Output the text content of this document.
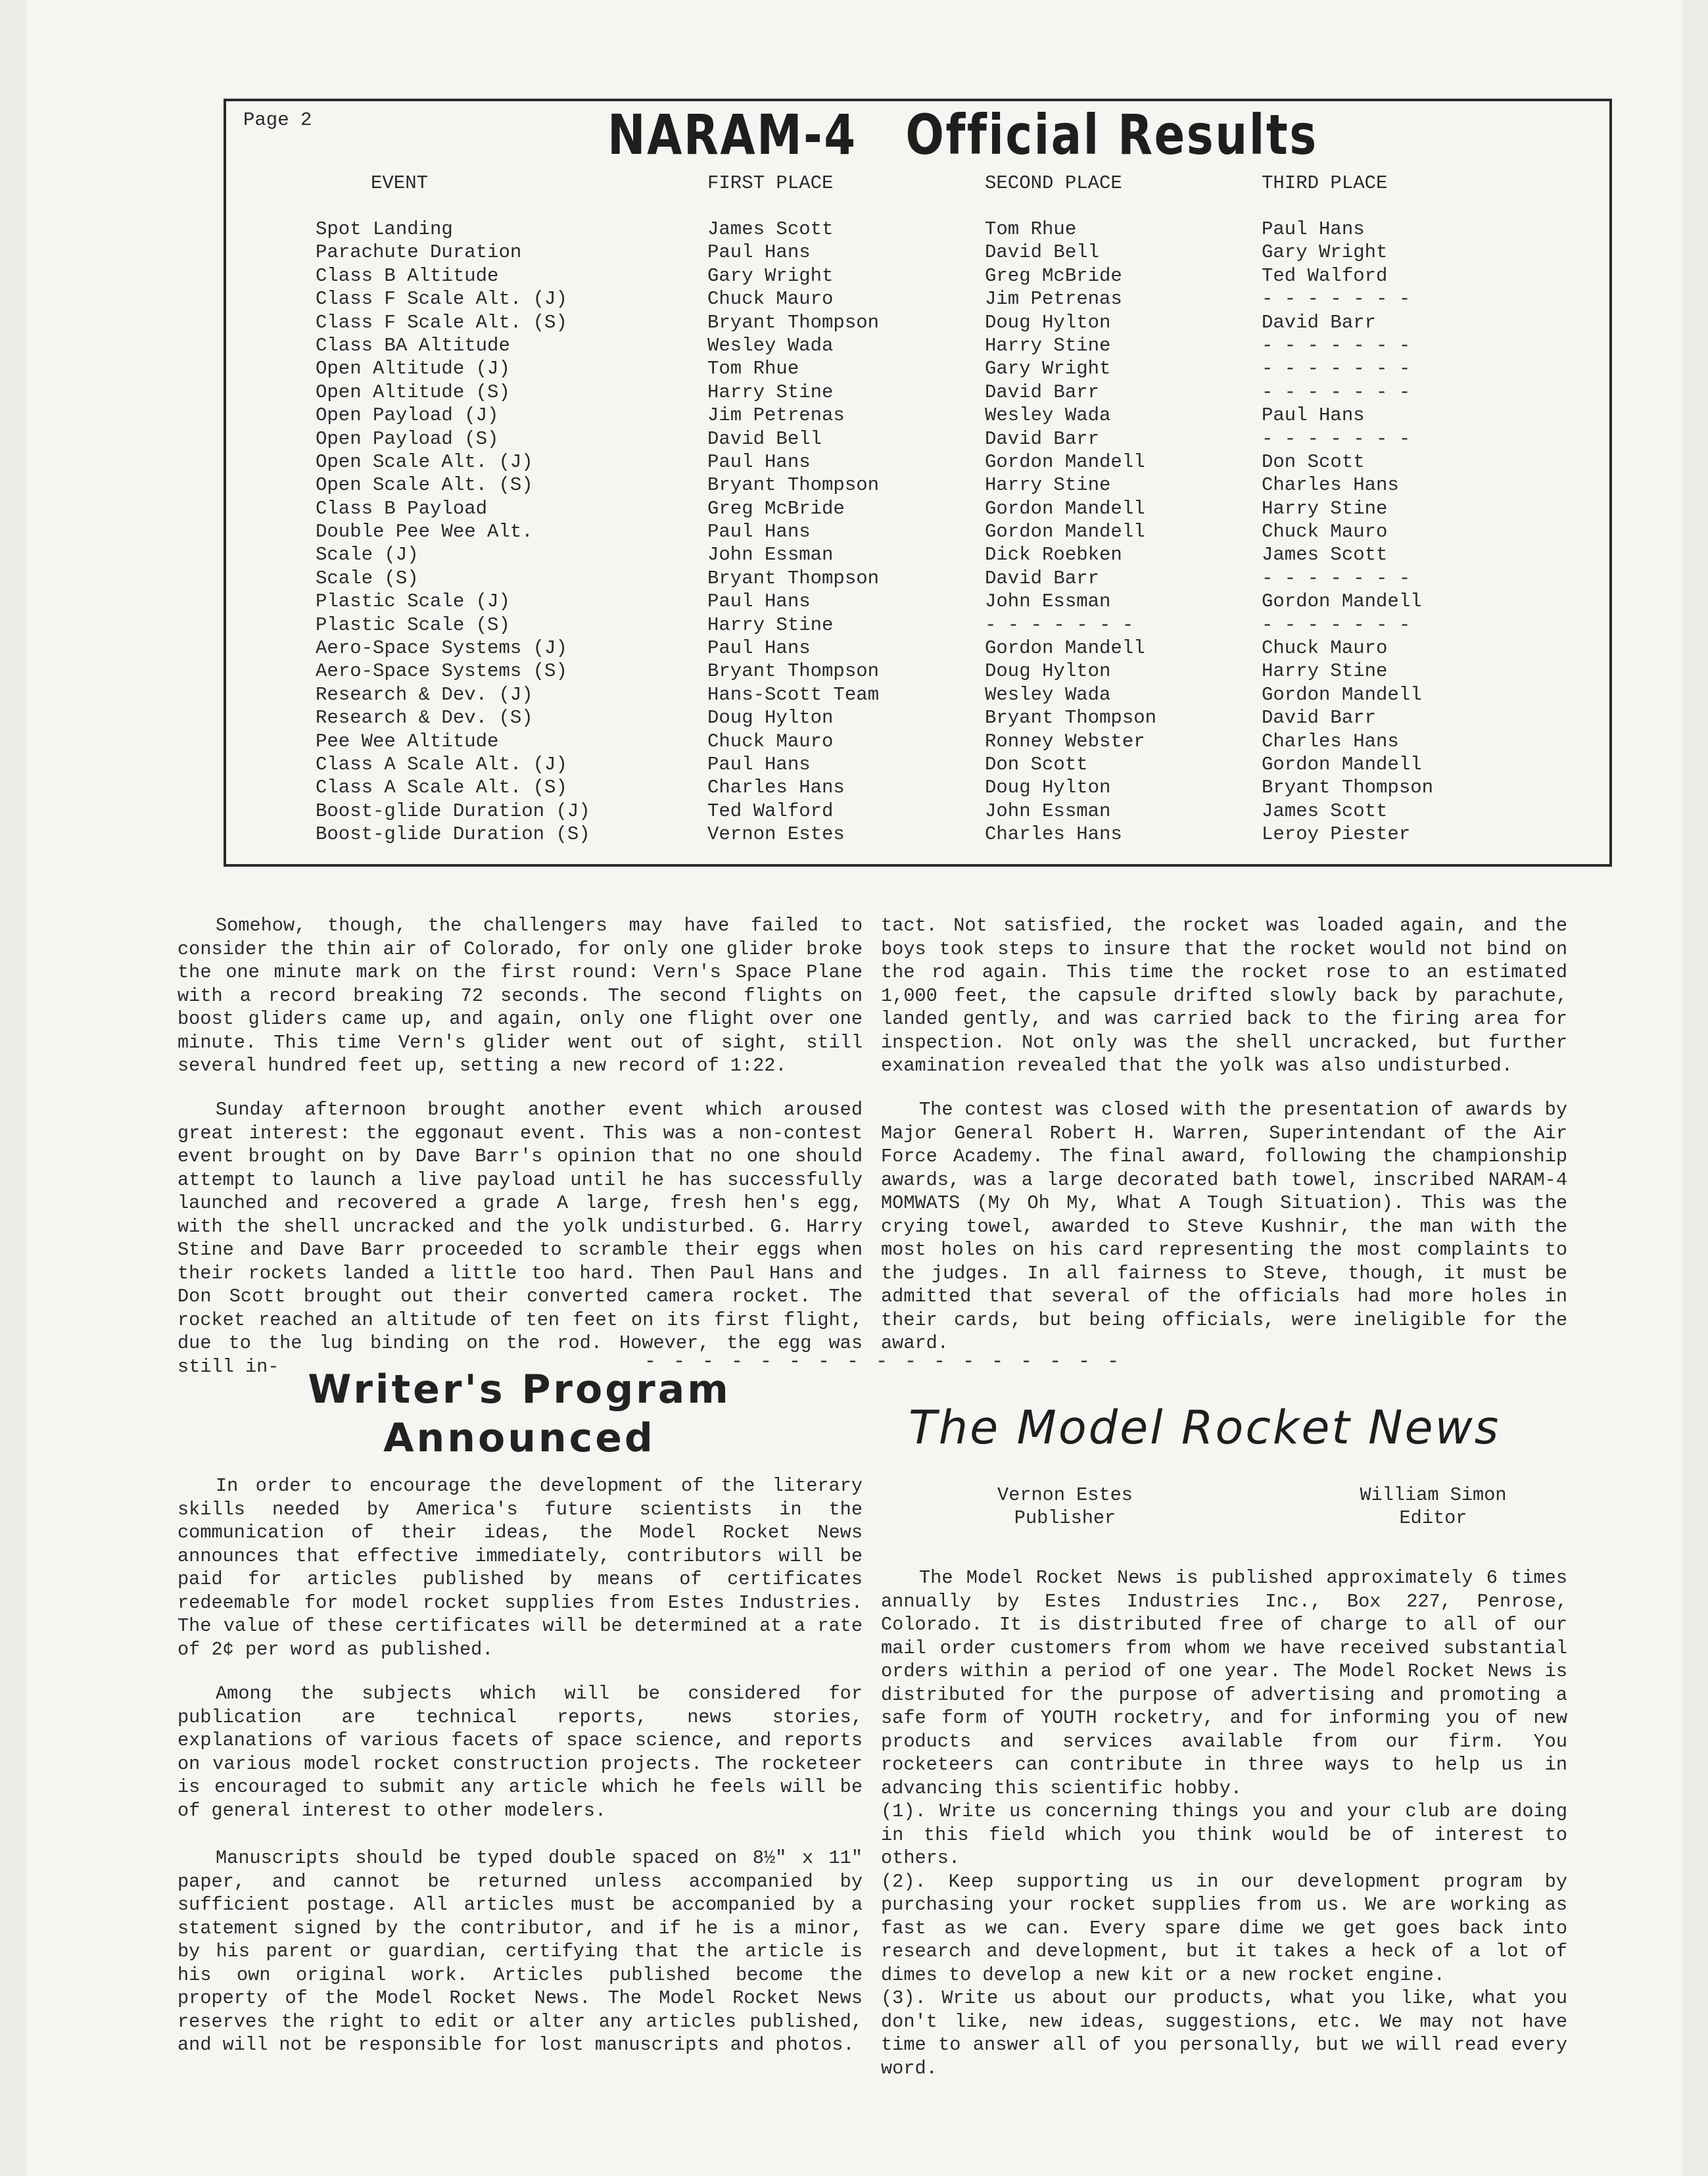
Page 2	NARAM-4 Official Results
EVENT	FIRST PLACE	SECOND PLACE	THIRD PLACE
Spot Landing	James Scott	Tom Rhue	Paul Hans
Parachute Duration	Paul Hans	David Bell	Gary Wright
Class B Altitude	Gary Wright	Greg McBride	Ted Walford
Class F Scale Alt. (J)	Chuck Mauro	Jim Petrenas	- - - - - - -
Class F Scale Alt. (S)	Bryant Thompson	Doug Hylton	David Barr
Class BA Altitude	Wesley Wada	Harry Stine	- - - - - - -
Open Altitude (J)	Tom Rhue	Gary Wright	- - - - - - -
Open Altitude (S)	Harry Stine	David Barr	- - - - - - -
Open Payload (J)	Jim Petrenas	Wesley Wada	Paul Hans
Open Payload (S)	David Bell	David Barr	- - - - - - -
Open Scale Alt. (J)	Paul Hans	Gordon Mandell	Don Scott
Open Scale Alt. (S)	Bryant Thompson	Harry Stine	Charles Hans
Class B Payload	Greg McBride	Gordon Mandell	Harry Stine
Double Pee Wee Alt.	Paul Hans	Gordon Mandell	Chuck Mauro
Scale (J)	John Essman	Dick Roebken	James Scott
Scale (S)	Bryant Thompson	David Barr	- - - - - - -
Plastic Scale (J)	Paul Hans	John Essman	Gordon Mandell
Plastic Scale (S)	Harry Stine	- - - - - - -	- - - - - - -
Aero-Space Systems (J)	Paul Hans	Gordon Mandell	Chuck Mauro
Aero-Space Systems (S)	Bryant Thompson	Doug Hylton	Harry Stine
Research & Dev. (J)	Hans-Scott Team	Wesley Wada	Gordon Mandell
Research & Dev. (S)	Doug Hylton	Bryant Thompson	David Barr
Pee Wee Altitude	Chuck Mauro	Ronney Webster	Charles Hans
Class A Scale Alt. (J)	Paul Hans	Don Scott	Gordon Mandell
Class A Scale Alt. (S)	Charles Hans	Doug Hylton	Bryant Thompson
Boost-glide Duration (J)	Ted Walford	John Essman	James Scott
Boost-glide Duration (S)	Vernon Estes	Charles Hans	Leroy Piester

Somehow, though, the challengers may have failed to consider the thin air of Colorado, for only one glider broke the one minute mark on the first round: Vern's Space Plane with a record breaking 72 seconds. The second flights on boost gliders came up, and again, only one flight over one minute. This time Vern's glider went out of sight, still several hundred feet up, setting a new record of 1:22.

Sunday afternoon brought another event which aroused great interest: the eggonaut event. This was a non-contest event brought on by Dave Barr's opinion that no one should attempt to launch a live payload until he has successfully launched and recovered a grade A large, fresh hen's egg, with the shell uncracked and the yolk undisturbed. G. Harry Stine and Dave Barr proceeded to scramble their eggs when their rockets landed a little too hard. Then Paul Hans and Don Scott brought out their converted camera rocket. The rocket reached an altitude of ten feet on its first flight, due to the lug binding on the rod. However, the egg was still in-

tact. Not satisfied, the rocket was loaded again, and the boys took steps to insure that the rocket would not bind on the rod again. This time the rocket rose to an estimated 1,000 feet, the capsule drifted slowly back by parachute, landed gently, and was carried back to the firing area for inspection. Not only was the shell uncracked, but further examination revealed that the yolk was also undisturbed.

The contest was closed with the presentation of awards by Major General Robert H. Warren, Superintendant of the Air Force Academy. The final award, following the championship awards, was a large decorated bath towel, inscribed NARAM-4 MOMWATS (My Oh My, What A Tough Situation). This was the crying towel, awarded to Steve Kushnir, the man with the most holes on his card representing the most complaints to the judges. In all fairness to Steve, though, it must be admitted that several of the officials had more holes in their cards, but being officials, were ineligible for the award.

- - - - - - - - - - - - - - - - -
Writer's Program
Announced

In order to encourage the development of the literary skills needed by America's future scientists in the communication of their ideas, the Model Rocket News announces that effective immediately, contributors will be paid for articles published by means of certificates redeemable for model rocket supplies from Estes Industries. The value of these certificates will be determined at a rate of 2¢ per word as published.

Among the subjects which will be considered for publication are technical reports, news stories, explanations of various facets of space science, and reports on various model rocket construction projects. The rocketeer is encouraged to submit any article which he feels will be of general interest to other modelers.

Manuscripts should be typed double spaced on 8½" x 11" paper, and cannot be returned unless accompanied by sufficient postage. All articles must be accompanied by a statement signed by the contributor, and if he is a minor, by his parent or guardian, certifying that the article is his own original work. Articles published become the property of the Model Rocket News. The Model Rocket News reserves the right to edit or alter any articles published, and will not be responsible for lost manuscripts and photos.

The Model Rocket News
Vernon Estes
Publisher
William Simon
Editor

The Model Rocket News is published approximately 6 times annually by Estes Industries Inc., Box 227, Penrose, Colorado. It is distributed free of charge to all of our mail order customers from whom we have received substantial orders within a period of one year. The Model Rocket News is distributed for the purpose of advertising and promoting a safe form of YOUTH rocketry, and for informing you of new products and services available from our firm. You rocketeers can contribute in three ways to help us in advancing this scientific hobby.

(1). Write us concerning things you and your club are doing in this field which you think would be of interest to others.

(2). Keep supporting us in our development program by purchasing your rocket supplies from us. We are working as fast as we can. Every spare dime we get goes back into research and development, but it takes a heck of a lot of dimes to develop a new kit or a new rocket engine.

(3). Write us about our products, what you like, what you don't like, new ideas, suggestions, etc. We may not have time to answer all of you personally, but we will read every word.
